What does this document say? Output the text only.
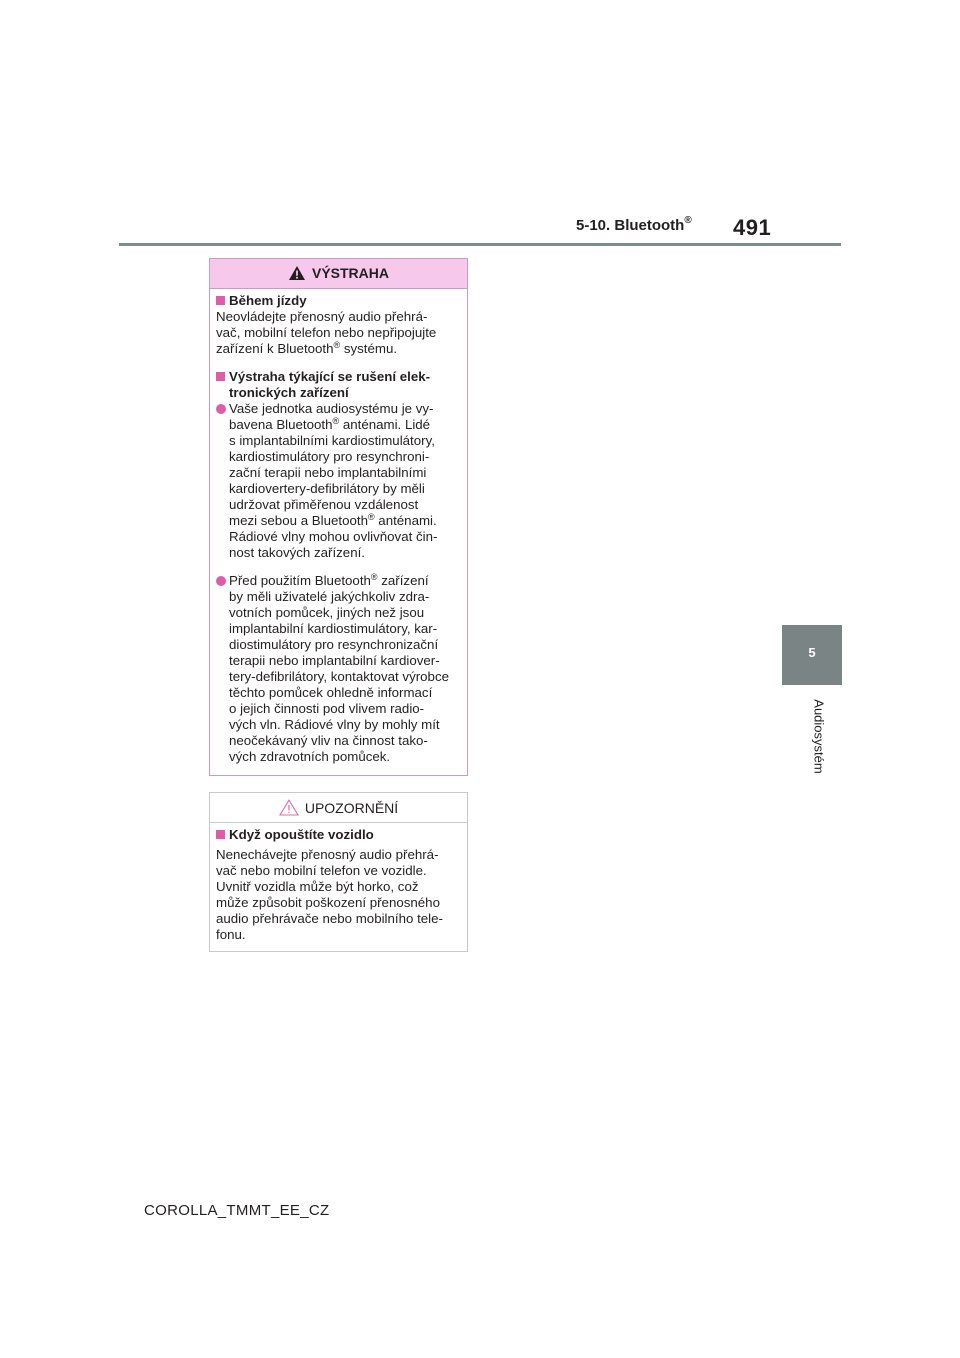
5-10. Bluetooth® 491
5
Audiosystém
VÝSTRAHA
Během jízdy
Neovládejte přenosný audio přehrá-
vač, mobilní telefon nebo nepřipojujte
zařízení k Bluetooth® systému.
Výstraha týkající se rušení elek-
tronických zařízení
Vaše jednotka audiosystému je vy-
bavena Bluetooth® anténami. Lidé
s implantabilními kardiostimulátory,
kardiostimulátory pro resynchroni-
zační terapii nebo implantabilními
kardiovertery-defibrilátory by měli
udržovat přiměřenou vzdálenost
mezi sebou a Bluetooth® anténami.
Rádiové vlny mohou ovlivňovat čin-
nost takových zařízení.
Před použitím Bluetooth® zařízení
by měli uživatelé jakýchkoliv zdra-
votních pomůcek, jiných než jsou
implantabilní kardiostimulátory, kar-
diostimulátory pro resynchronizační
terapii nebo implantabilní kardiover-
tery-defibrilátory, kontaktovat výrobce
těchto pomůcek ohledně informací
o jejich činnosti pod vlivem radio-
vých vln. Rádiové vlny by mohly mít
neočekávaný vliv na činnost tako-
vých zdravotních pomůcek.
UPOZORNĚNÍ
Když opouštíte vozidlo
Nenechávejte přenosný audio přehrá-
vač nebo mobilní telefon ve vozidle.
Uvnitř vozidla může být horko, což
může způsobit poškození přenosného
audio přehrávače nebo mobilního tele-
fonu.
COROLLA_TMMT_EE_CZ
